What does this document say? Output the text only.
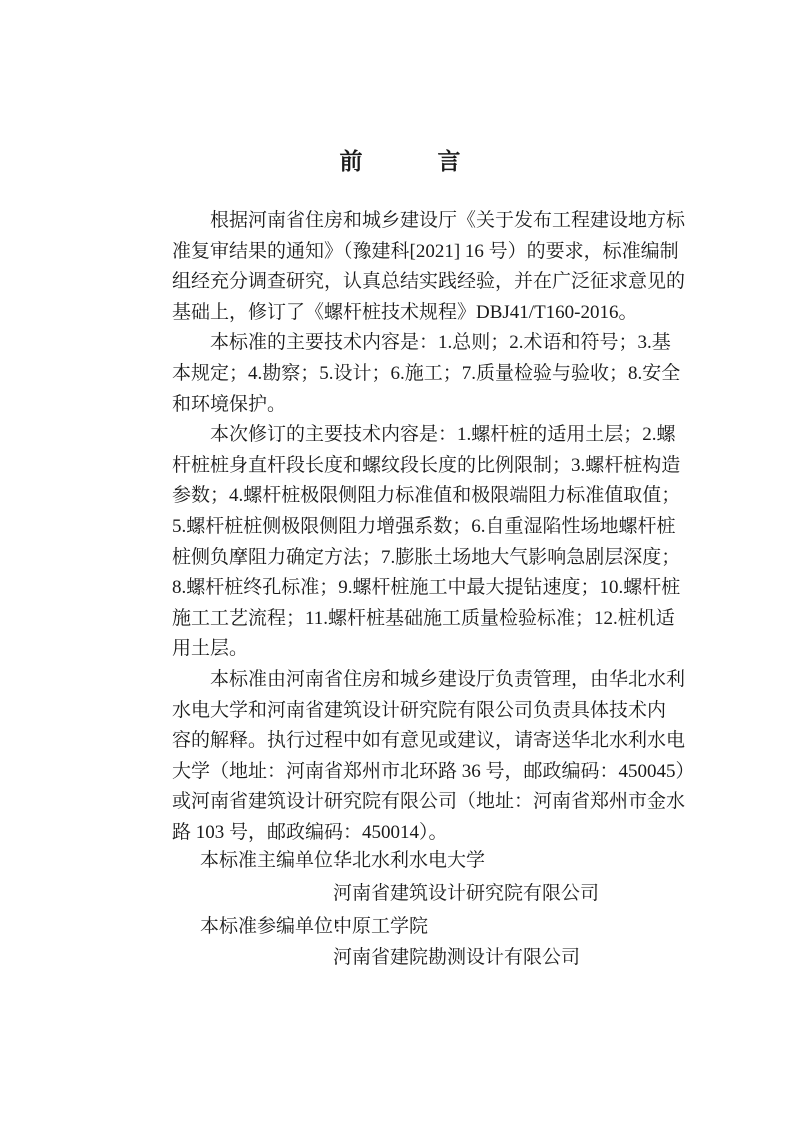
前　言
根据河南省住房和城乡建设厅《关于发布工程建设地方标
准复审结果的通知》（豫建科[2021] 16 号）的要求，标准编制
组经充分调查研究，认真总结实践经验，并在广泛征求意见的
基础上，修订了《螺杆桩技术规程》DBJ41/T160-2016。
本标准的主要技术内容是：1.总则；2.术语和符号；3.基
本规定；4.勘察；5.设计；6.施工；7.质量检验与验收；8.安全
和环境保护。
本次修订的主要技术内容是：1.螺杆桩的适用土层；2.螺
杆桩桩身直杆段长度和螺纹段长度的比例限制；3.螺杆桩构造
参数；4.螺杆桩极限侧阻力标准值和极限端阻力标准值取值；
5.螺杆桩桩侧极限侧阻力增强系数；6.自重湿陷性场地螺杆桩
桩侧负摩阻力确定方法；7.膨胀土场地大气影响急剧层深度；
8.螺杆桩终孔标准；9.螺杆桩施工中最大提钻速度；10.螺杆桩
施工工艺流程；11.螺杆桩基础施工质量检验标准；12.桩机适
用土层。
本标准由河南省住房和城乡建设厅负责管理，由华北水利
水电大学和河南省建筑设计研究院有限公司负责具体技术内
容的解释。执行过程中如有意见或建议，请寄送华北水利水电
大学（地址：河南省郑州市北环路 36 号，邮政编码：450045）
或河南省建筑设计研究院有限公司（地址：河南省郑州市金水
路 103 号，邮政编码：450014）。
本标准主编单位：
华北水利水电大学
河南省建筑设计研究院有限公司
本标准参编单位：
中原工学院
河南省建院勘测设计有限公司
